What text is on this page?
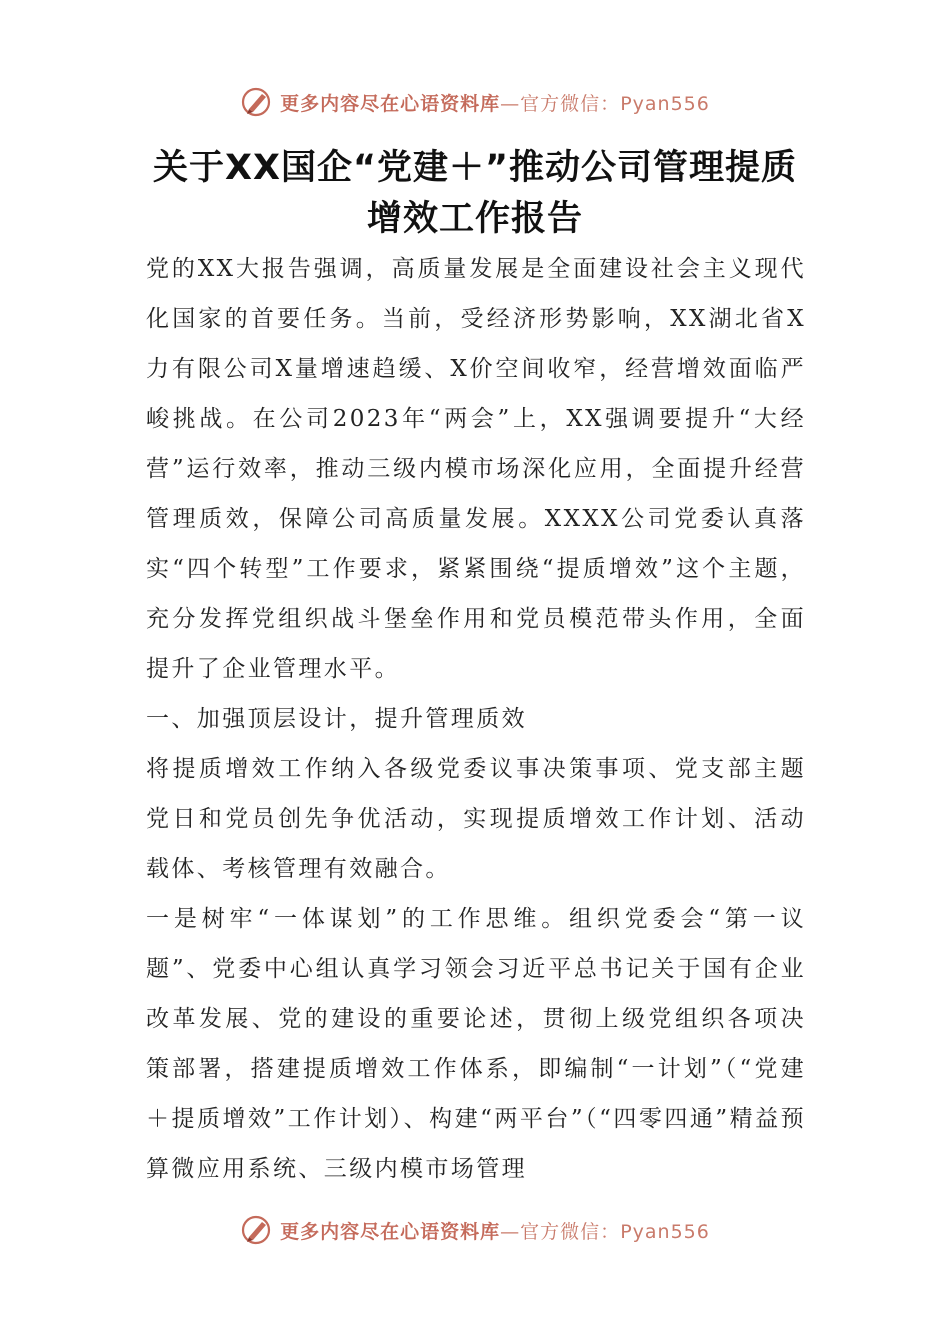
更多内容尽在心语资料库—官方微信：Pyan556
关于XX国企“党建＋”推动公司管理提质
增效工作报告

党的XX大报告强调，高质量发展是全面建设社会主义现代化国家的首要任务。当前，受经济形势影响，XX湖北省X力有限公司X量增速趋缓、X价空间收窄，经营增效面临严峻挑战。在公司2023年“两会”上，XX强调要提升“大经营”运行效率，推动三级内模市场深化应用，全面提升经营管理质效，保障公司高质量发展。XXXX公司党委认真落实“四个转型”工作要求，紧紧围绕“提质增效”这个主题，充分发挥党组织战斗堡垒作用和党员模范带头作用，全面提升了企业管理水平。

一、加强顶层设计，提升管理质效

将提质增效工作纳入各级党委议事决策事项、党支部主题党日和党员创先争优活动，实现提质增效工作计划、活动载体、考核管理有效融合。

一是树牢“一体谋划”的工作思维。组织党委会“第一议题”、党委中心组认真学习领会习近平总书记关于国有企业改革发展、党的建设的重要论述，贯彻上级党组织各项决策部署，搭建提质增效工作体系，即编制“一计划”（“党建＋提质增效”工作计划）、构建“两平台”（“四零四通”精益预算微应用系统、三级内模市场管理

更多内容尽在心语资料库—官方微信：Pyan556
